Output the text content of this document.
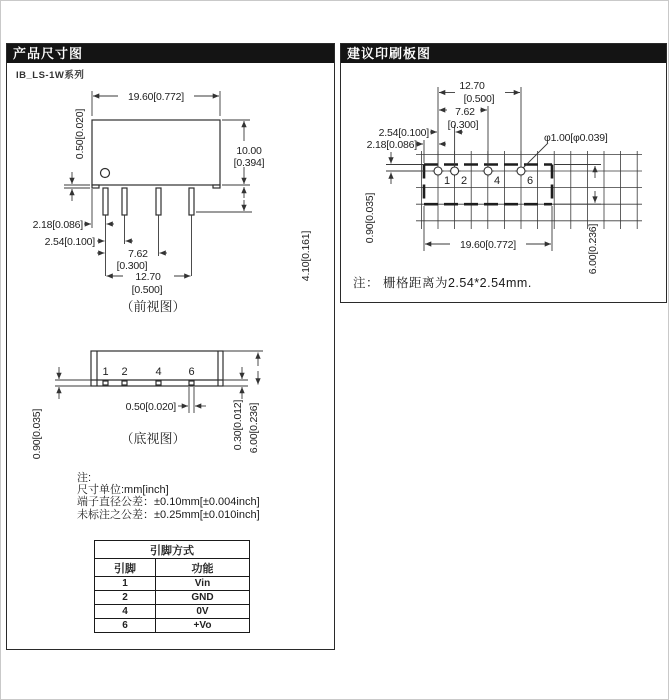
产品尺寸图
IB_LS-1W系列
19.60[0.772]
0.50[0.020]	10.00
[0.394]
4.10[0.161]
2.18[0.086]
2.54[0.100]
7.62
[0.300]
12.70
[0.500]
（前视图）
1 2	4 6
0.90[0.035]
0.50[0.020]
（底视图）	0.30[0.012] 6.00[0.236]
注:
尺寸单位:mm[inch]
端子直径公差：±0.10mm[±0.004inch]
未标注之公差：±0.25mm[±0.010inch]
引脚方式	
引脚	功能
1	Vin
2	GND
4	0V
6	+Vo
建议印刷板图
1 2 4 6
12.70
[0.500]
7.62
[0.300]
2.54[0.100]
2.18[0.086]
φ1.00[φ0.039]
0.90[0.035]
6.00[0.236]
19.60[0.772]
注： 栅格距离为2.54*2.54mm.
